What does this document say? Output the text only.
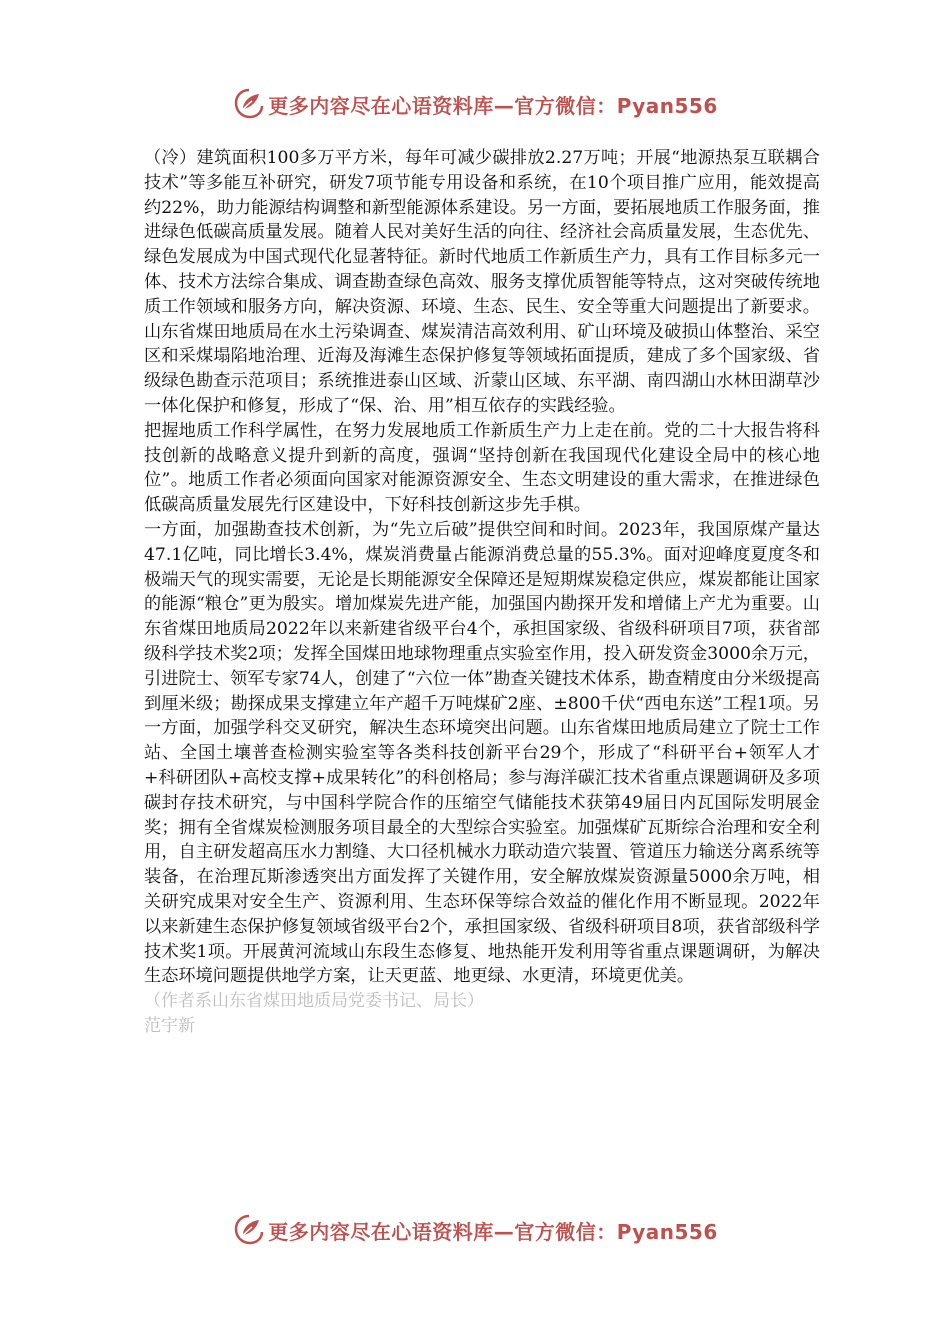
更多内容尽在心语资料库—官方微信：Pyan556

（冷）建筑面积100多万平方米，每年可减少碳排放2.27万吨；开展“地源热泵互联耦合技术”等多能互补研究，研发7项节能专用设备和系统，在10个项目推广应用，能效提高约22%，助力能源结构调整和新型能源体系建设。另一方面，要拓展地质工作服务面，推进绿色低碳高质量发展。随着人民对美好生活的向往、经济社会高质量发展，生态优先、绿色发展成为中国式现代化显著特征。新时代地质工作新质生产力，具有工作目标多元一体、技术方法综合集成、调查勘查绿色高效、服务支撑优质智能等特点，这对突破传统地质工作领域和服务方向，解决资源、环境、生态、民生、安全等重大问题提出了新要求。山东省煤田地质局在水土污染调查、煤炭清洁高效利用、矿山环境及破损山体整治、采空区和采煤塌陷地治理、近海及海滩生态保护修复等领域拓面提质，建成了多个国家级、省级绿色勘查示范项目；系统推进泰山区域、沂蒙山区域、东平湖、南四湖山水林田湖草沙一体化保护和修复，形成了“保、治、用”相互依存的实践经验。

把握地质工作科学属性，在努力发展地质工作新质生产力上走在前。党的二十大报告将科技创新的战略意义提升到新的高度，强调“坚持创新在我国现代化建设全局中的核心地位”。地质工作者必须面向国家对能源资源安全、生态文明建设的重大需求，在推进绿色低碳高质量发展先行区建设中，下好科技创新这步先手棋。

一方面，加强勘查技术创新，为“先立后破”提供空间和时间。2023年，我国原煤产量达47.1亿吨，同比增长3.4%，煤炭消费量占能源消费总量的55.3%。面对迎峰度夏度冬和极端天气的现实需要，无论是长期能源安全保障还是短期煤炭稳定供应，煤炭都能让国家的能源“粮仓”更为殷实。增加煤炭先进产能，加强国内勘探开发和增储上产尤为重要。山东省煤田地质局2022年以来新建省级平台4个，承担国家级、省级科研项目7项，获省部级科学技术奖2项；发挥全国煤田地球物理重点实验室作用，投入研发资金3000余万元，引进院士、领军专家74人，创建了“六位一体”勘查关键技术体系，勘查精度由分米级提高到厘米级；勘探成果支撑建立年产超千万吨煤矿2座、±800千伏“西电东送”工程1项。另一方面，加强学科交叉研究，解决生态环境突出问题。山东省煤田地质局建立了院士工作站、全国土壤普查检测实验室等各类科技创新平台29个，形成了“科研平台+领军人才+科研团队+高校支撑+成果转化”的科创格局；参与海洋碳汇技术省重点课题调研及多项碳封存技术研究，与中国科学院合作的压缩空气储能技术获第49届日内瓦国际发明展金奖；拥有全省煤炭检测服务项目最全的大型综合实验室。加强煤矿瓦斯综合治理和安全利用，自主研发超高压水力割缝、大口径机械水力联动造穴装置、管道压力输送分离系统等装备，在治理瓦斯渗透突出方面发挥了关键作用，安全解放煤炭资源量5000余万吨，相关研究成果对安全生产、资源利用、生态环保等综合效益的催化作用不断显现。2022年以来新建生态保护修复领域省级平台2个，承担国家级、省级科研项目8项，获省部级科学技术奖1项。开展黄河流域山东段生态修复、地热能开发利用等省重点课题调研，为解决生态环境问题提供地学方案，让天更蓝、地更绿、水更清，环境更优美。

（作者系山东省煤田地质局党委书记、局长）

范宇新

更多内容尽在心语资料库—官方微信：Pyan556
